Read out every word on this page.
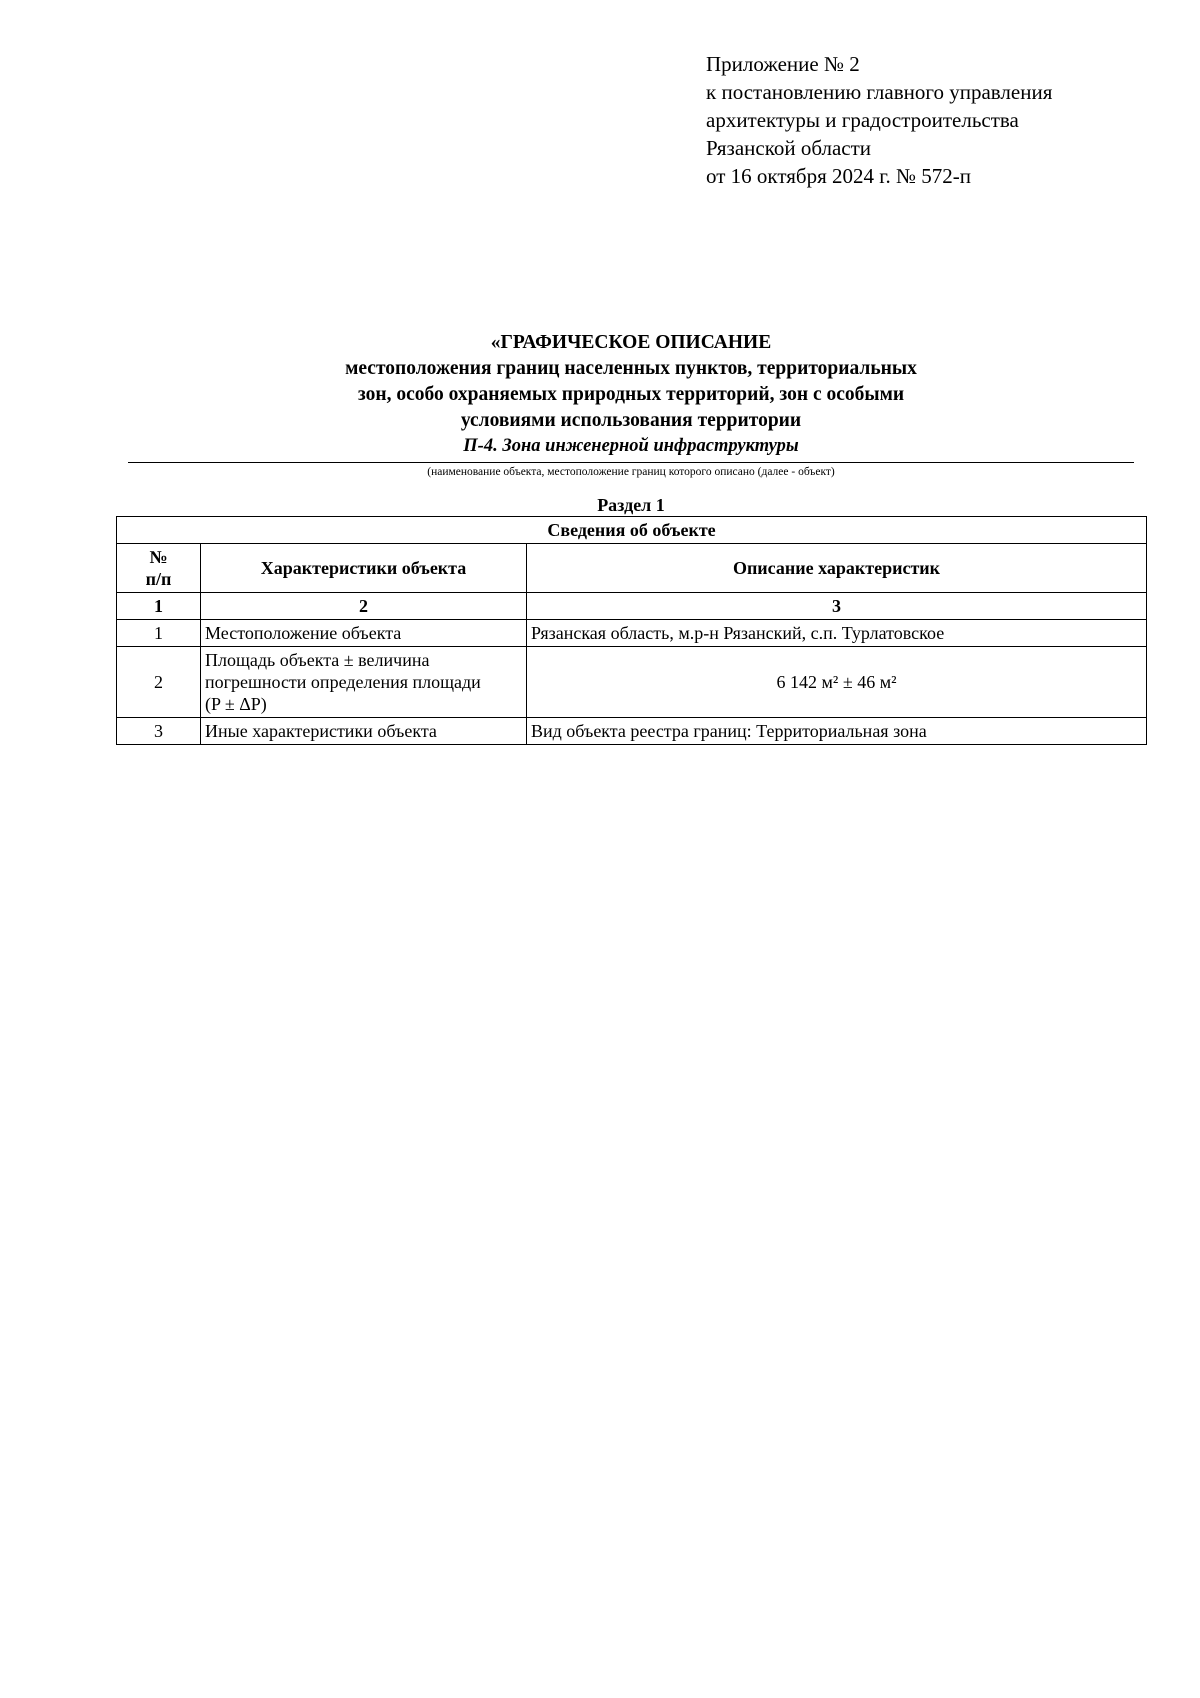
Приложение № 2
к постановлению главного управления
архитектуры и градостроительства
Рязанской области
от 16 октября 2024 г. № 572-п
«ГРАФИЧЕСКОЕ ОПИСАНИЕ
местоположения границ населенных пунктов, территориальных
зон, особо охраняемых природных территорий, зон с особыми
условиями использования территории
П-4. Зона инженерной инфраструктуры
(наименование объекта, местоположение границ которого описано (далее - объект)
Раздел 1
Сведения об объекте		

№
п/п	Характеристики объекта	Описание характеристик
1	2	3
1	Местоположение объекта	Рязанская область, м.р-н Рязанский, с.п. Турлатовское
2	Площадь объекта ± величина
погрешности определения площади
(P ± ΔP)	6 142 м² ± 46 м²
3	Иные характеристики объекта	Вид объекта реестра границ: Территориальная зона
